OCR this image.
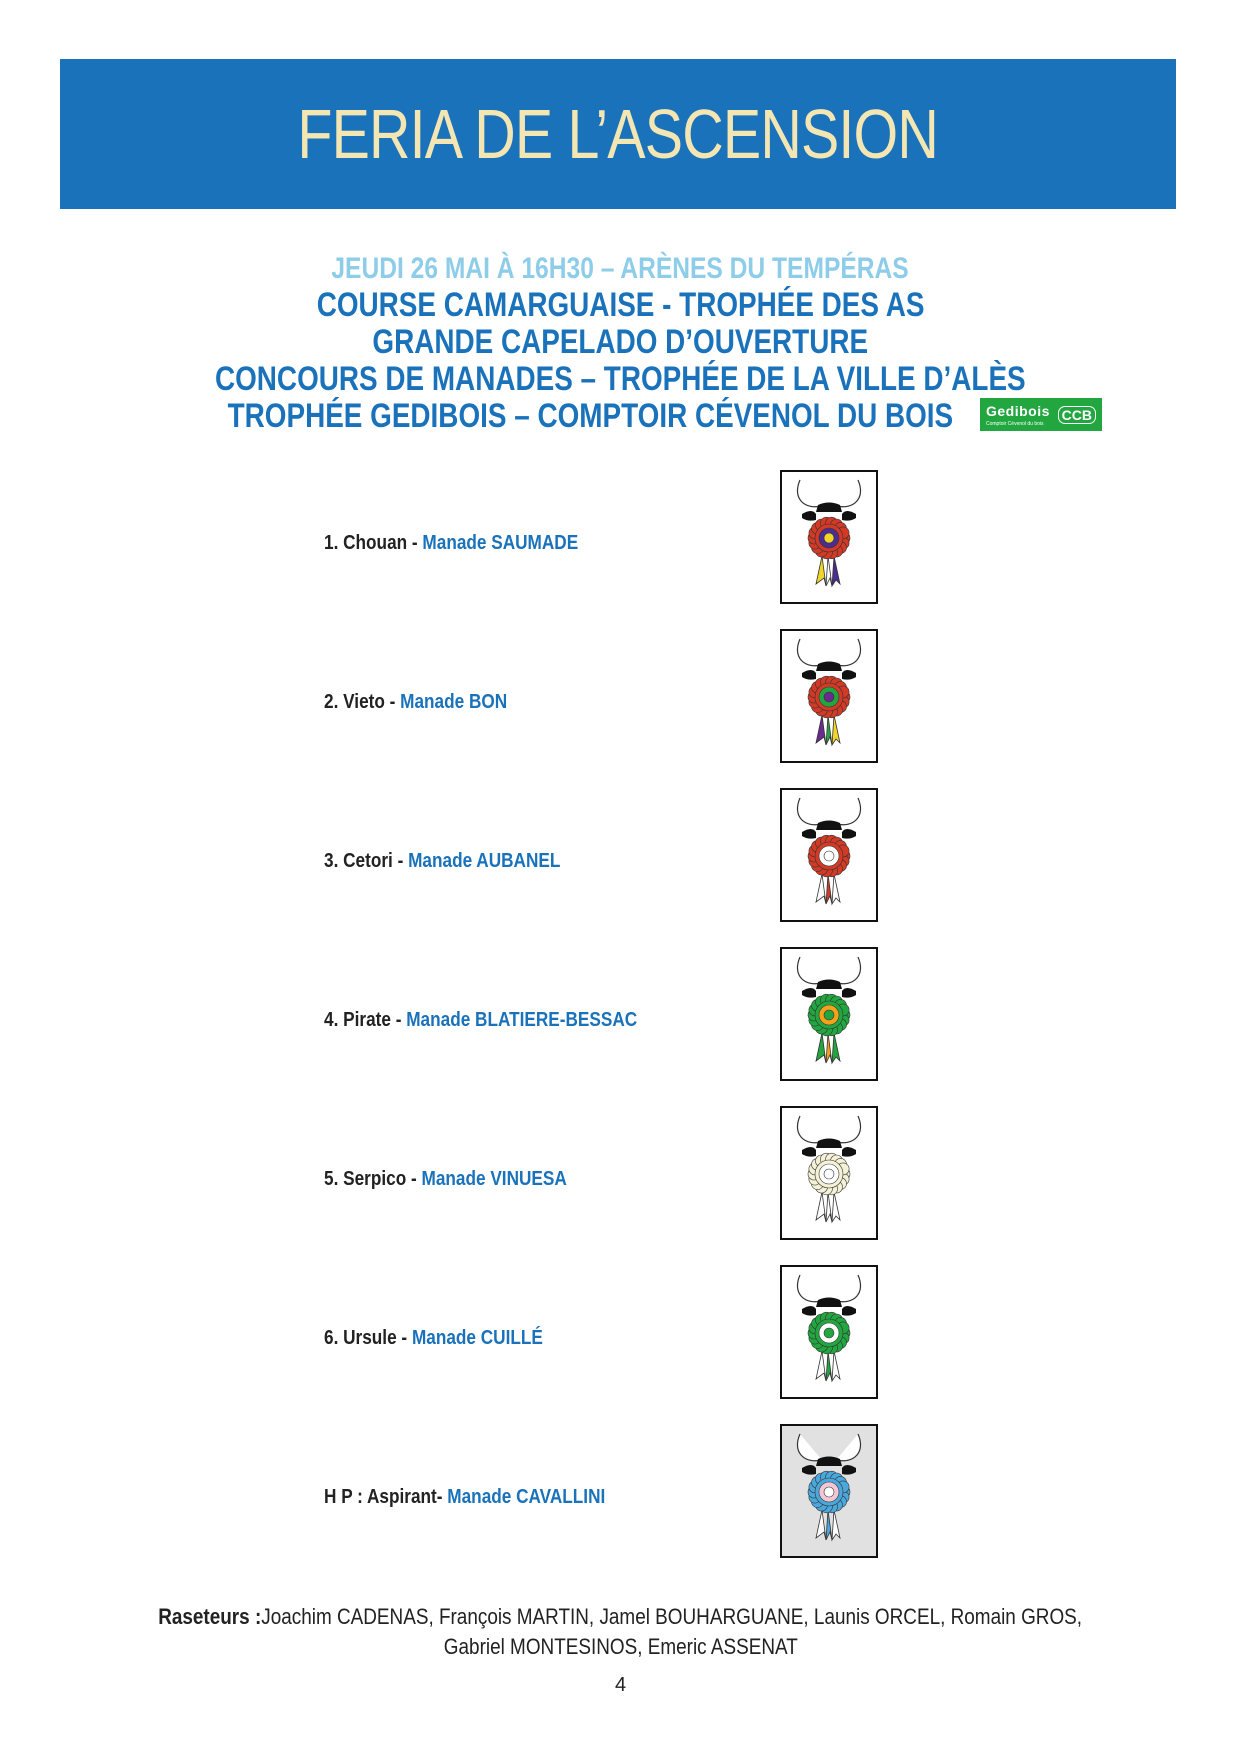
FERIA DE L’ASCENSION
JEUDI 26 MAI À 16H30 – ARÈNES DU TEMPÉRAS
COURSE CAMARGUAISE - TROPHÉE DES AS
GRANDE CAPELADO D’OUVERTURE
CONCOURS DE MANADES – TROPHÉE DE LA VILLE D’ALÈS
TROPHÉE GEDIBOIS – COMPTOIR CÉVENOL DU BOIS	Gedibois
Comptoir Cévenol du bois
CCB
1. Chouan - Manade SAUMADE
2. Vieto - Manade BON
3. Cetori - Manade AUBANEL
4. Pirate - Manade BLATIERE-BESSAC
5. Serpico - Manade VINUESA
6. Ursule - Manade CUILLÉ
H P : Aspirant- Manade CAVALLINI
Raseteurs :Joachim CADENAS, François MARTIN, Jamel BOUHARGUANE, Launis ORCEL, Romain GROS,
Gabriel MONTESINOS, Emeric ASSENAT
4
